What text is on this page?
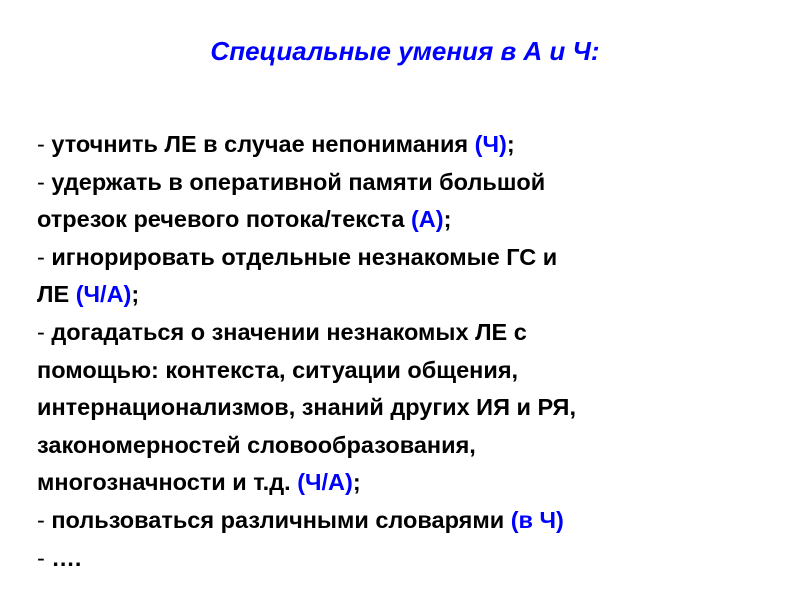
Специальные умения в А и Ч:
- уточнить ЛЕ в случае непонимания (Ч);
- удержать в оперативной памяти большой
отрезок речевого потока/текста (А);
- игнорировать отдельные незнакомые ГС и
ЛЕ (Ч/А);
- догадаться о значении незнакомых ЛЕ с
помощью: контекста, ситуации общения,
интернационализмов, знаний других ИЯ и РЯ,
закономерностей словообразования,
многозначности и т.д. (Ч/А);
- пользоваться различными словарями (в Ч)
- ….
